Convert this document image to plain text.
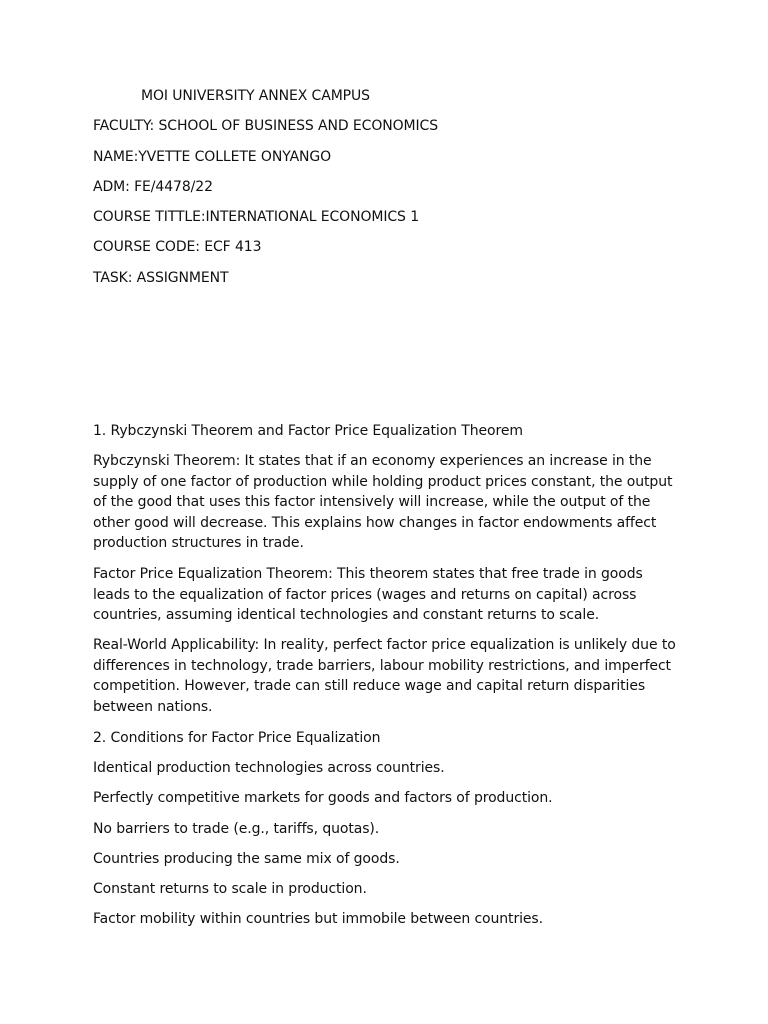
MOI UNIVERSITY ANNEX CAMPUS

FACULTY: SCHOOL OF BUSINESS AND ECONOMICS

NAME:YVETTE COLLETE ONYANGO

ADM: FE/4478/22

COURSE TITTLE:INTERNATIONAL ECONOMICS 1

COURSE CODE: ECF 413

TASK: ASSIGNMENT

1. Rybczynski Theorem and Factor Price Equalization Theorem

Rybczynski Theorem: It states that if an economy experiences an increase in the supply of one factor of production while holding product prices constant, the output of the good that uses this factor intensively will increase, while the output of the other good will decrease. This explains how changes in factor endowments affect production structures in trade.

Factor Price Equalization Theorem: This theorem states that free trade in goods leads to the equalization of factor prices (wages and returns on capital) across countries, assuming identical technologies and constant returns to scale.

Real-World Applicability: In reality, perfect factor price equalization is unlikely due to differences in technology, trade barriers, labour mobility restrictions, and imperfect competition. However, trade can still reduce wage and capital return disparities between nations.

2. Conditions for Factor Price Equalization

Identical production technologies across countries.

Perfectly competitive markets for goods and factors of production.

No barriers to trade (e.g., tariffs, quotas).

Countries producing the same mix of goods.

Constant returns to scale in production.

Factor mobility within countries but immobile between countries.
